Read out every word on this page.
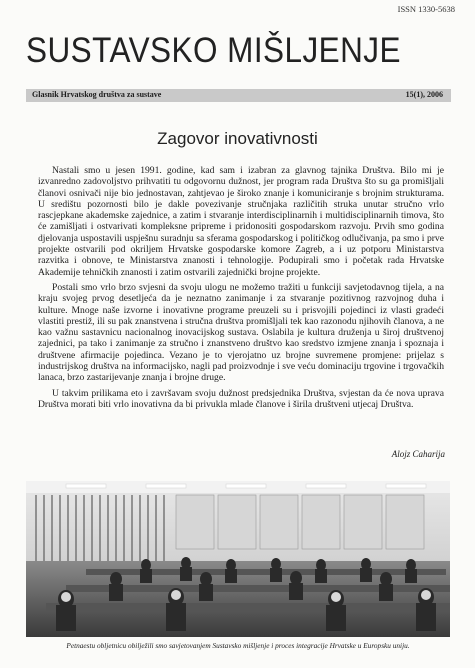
ISSN 1330-5638
SUSTAVSKO MIŠLJENJE
Glasnik Hrvatskog društva za sustave	15(1), 2006
Zagovor inovativnosti

Nastali smo u jesen 1991. godine, kad sam i izabran za glavnog tajnika Društva. Bilo mi je izvanredno zadovoljstvo prihvatiti tu odgovornu dužnost, jer program rada Društva što su ga promišljali članovi osnivači nije bio jednostavan, zahtjevao je široko znanje i komuniciranje s brojnim strukturama. U središtu pozornosti bilo je dakle povezivanje stručnjaka različitih struka unutar stručno vrlo rascjepkane akademske zajednice, a zatim i stvaranje interdisciplinarnih i multidisciplinarnih timova, što će zamišljati i ostvarivati kompleksne pripreme i pridonositi gospodarskom razvoju. Prvih smo godina djelovanja uspostavili uspješnu suradnju sa sferama gospodarskog i političkog odlučivanja, pa smo i prve projekte ostvarili pod okriljem Hrvatske gospodarske komore Zagreb, a i uz potporu Ministarstva razvitka i obnove, te Ministarstva znanosti i tehnologije. Podupirali smo i početak rada Hrvatske Akademije tehničkih znanosti i zatim ostvarili zajednički brojne projekte.

Postali smo vrlo brzo svjesni da svoju ulogu ne možemo tražiti u funkciji savjetodavnog tijela, a na kraju svojeg prvog desetljeća da je neznatno zanimanje i za stvaranje pozitivnog razvojnog duha i kulture. Mnoge naše izvorne i inovativne programe preuzeli su i prisvojili pojedinci iz vlasti gradeći vlastiti prestiž, ili su pak znanstvena i stručna društva promišljali tek kao razonodu njihovih članova, a ne kao važnu sastavnicu nacionalnog inovacijskog sustava. Oslabila je kultura druženja u široj društvenoj zajednici, pa tako i zanimanje za stručno i znanstveno društvo kao sredstvo izmjene znanja i spoznaja i društvene afirmacije pojedinca. Vezano je to vjerojatno uz brojne suvremene promjene: prijelaz s industrijskog društva na informacijsko, nagli pad proizvodnje i sve veću dominaciju trgovine i trgovačkih lanaca, brzo zastarijevanje znanja i brojne druge.

U takvim prilikama eto i završavam svoju dužnost predsjednika Društva, svjestan da će nova uprava Društva morati biti vrlo inovativna da bi privukla mlade članove i širila društveni utjecaj Društva.

Alojz Caharija
Petnaestu obljetnicu obilježili smo savjetovanjem Sustavsko mišljenje i proces integracije Hrvatske u Europsku uniju.
